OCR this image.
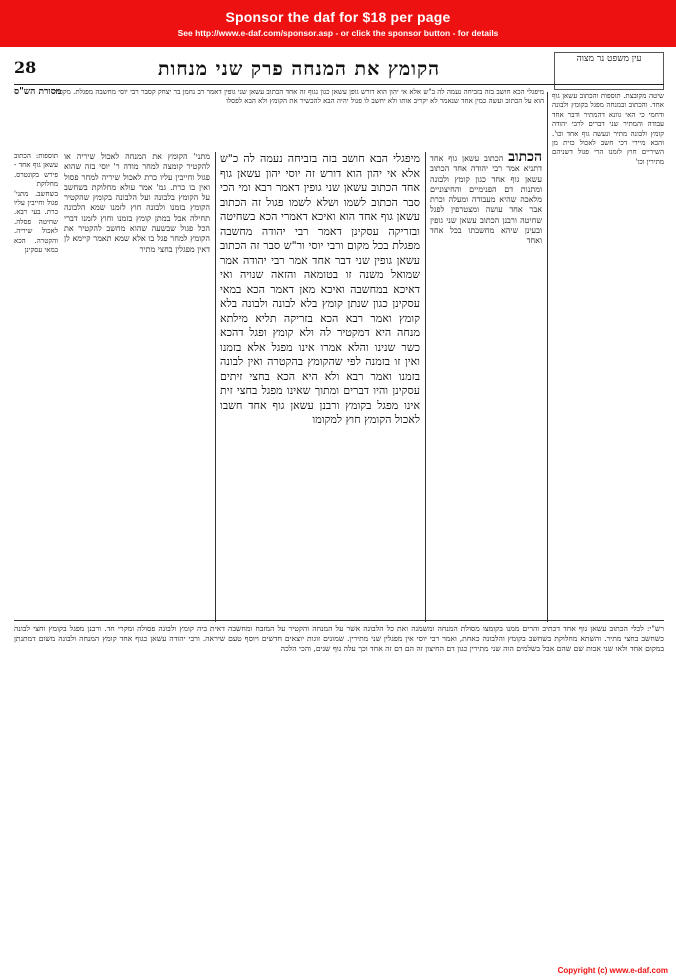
Sponsor the daf for $18 per page
See http://www.e-daf.com/sponsor.asp - or click the sponsor button - for details
עין משפט נר מצוה
הקומץ את המנחה פרק שני מנחות
28
מסורת הש"ס
מיפגלי הכא חושב בזה בזביחה נעמה לה ב"ש אלא אי יהון הוא דורש גופן עשאן כגון נגוף זה אחד הכתוב עשאן שני גופין דאמר רב נחמן בר יצחק קסבר רבי יוסי מחשבה מפגלת. מקפיד הוא על הכתוב ועשה כמין אחד שנאמר לא יקריב אותו ולא יחשב לו פגול יהיה הבא להכשיר את הקומץ ולא הבא לפסלו
שיטה מקובצת. תוספות והכתוב עשאן גוף אחד. והכתוב ובמנחה מפגל בקומץ ולבונה ודחמי כי האי גוונא דהמתיר ודבר אחד עבודה והמתיר שני דברים לרבי יהודה קומץ ולבונה מתיר ונעשה גוף אחד וכו'. והכא מיירי דכי חשב לאכול כזית מן השיריים חוץ לזמנו הרי פגול דשניהם מתירין וכו'
הכתוב הכתוב עשאן גוף אחד דתניא אמר רבי יהודה אחד הכתוב עשאן גוף אחד כגון קומץ ולבונה ומתנות דם הפנימיים והחיצוניים מלאכה שהיא מעבודה ומעלה וכרת אבר אחד עושה ומצטרפין לפגל שחיטה ורבנן הכתוב עשאן שני גופין ובעינן שיהא מחשבתו בכל אחד ואחד
מיפגלי הבא חושב בזה בזביחה נעמה לה כ"ש אלא אי יהון הוא דורש זה יוסי יהון עשאן גוף אחד הכתוב עשאן שני גופין דאמר רבא ומי הכי סבר הכתוב לשמו ושלא לשמו פגול זה הכתוב עשאן גוף אחד הוא ואיכא דאמרי הכא בשחיטה ובזריקה עסקינן דאמר רבי יהודה מחשבה מפגלת בכל מקום ורבי יוסי ור"ש סבר זה הכתוב עשאן גופין שני דבר אחד אמר רבי יהודה אמר שמואל משנה זו בטומאה והזאה שנויה ואי דאיכא במחשבה ואיכא מאן דאמר הכא במאי עסקינן כגון שנתן קומץ בלא לבונה ולבונה בלא קומץ ואמר רבא הכא בזריקה תליא מילתא מנחה היא דמקטיר לה ולא קומץ ופגל דהכא כשר שנינו והלא אמרו אינו מפגל אלא בזמנו ואין זו בזמנה לפי שהקומץ בהקטרה ואין לבונה בזמנו ואמר רבא ולא היא הכא בחצי זיתים עסקינן והיו דברים ומתוך שאינו מפגל בחצי זית אינו מפגל בקומץ ורבנן עשאן גוף אחד חשבו לאכול הקומץ חוץ למקומו
מתני' הקומץ את המנחה לאכול שיריה או להקטיר קומצה למחר מודה ר' יוסי בזה שהוא פגול וחייבין עליו כרת לאכול שיריה למחר פסול ואין בו כרת. גמ' אמר עולא מחלוקת בשחשב על הקומץ בלבונה ועל הלבונה בקומץ שהקטיר הקומץ בזמנו ולבונה חוץ לזמנו שמא הלבונה תחילה אבל במתן קומץ בזמנו וחוץ לזמנו דברי הכל פגול שבשעה שהוא מחשב להקטיר את הקומץ למחר פגל בו אלא שמא תאמר קיימא לן דאין מפגלין בחצי מתיר
תוספות: הכתוב עשאן גוף אחד - פירש בקונטרס. מחלוקת בשחשב. מתני' פגול וחייבין עליו כרת. בעי רבא. שחיטה פסלה. לאכול שיריה. והקטרה. הכא במאי עסקינן
רש"י: לכלי הכתוב עשאן גוף אחד דכתיב והרים ממנו בקומצו מסולת המנחה ומשמנה ואת כל הלבונה אשר על המנחה והקטיר על המזבח ומחשבה דאית ביה קומץ ולבונה פסולה ומקרי חד. ורבנן מפגל בקומץ וחצי לבונה כשחשב בחצי מתיר. והשתא מחלוקת בשחשב בקומץ והלבונה כאחת, ואמר רבי יוסי אין מפגלין שני מתירין. שמונים זוגות יוצאים חדשים ויוסף טעם שיראה. ורבי יהודה עשאן כגוף אחד קומץ המנחה ולבונה משום דמתנתן במקום אחד ולאו שני אבות שם שהם אבל בשלמים הוה שני מתירין כגון דם החיצון זה הם דם זה אחד וכך עלה גוף שנים, והכי הלכה
Copyright (c) www.e-daf.com
